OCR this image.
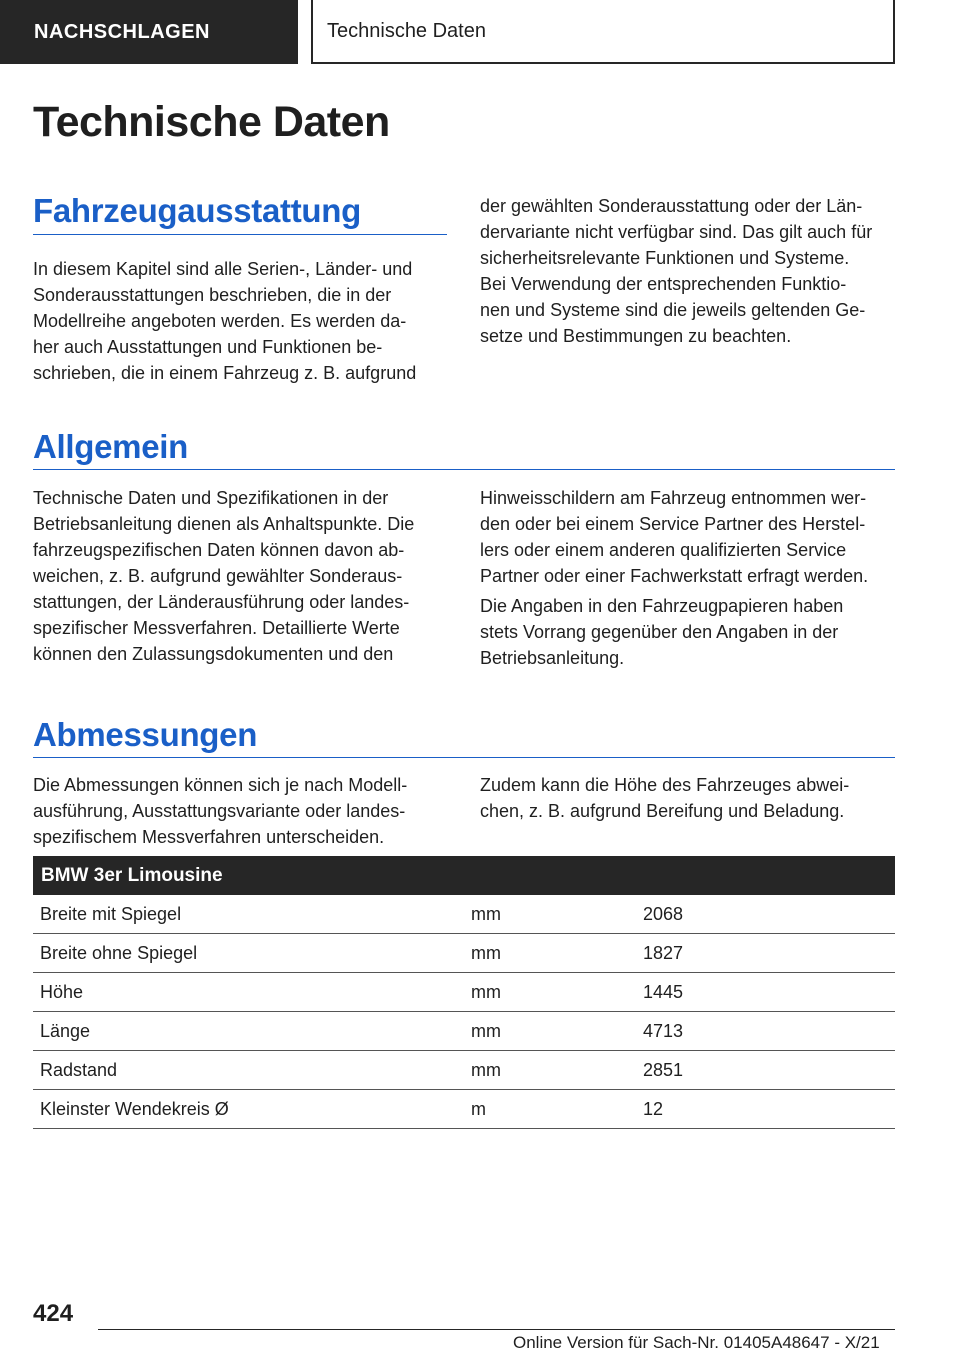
NACHSCHLAGEN	Technische Daten
Technische Daten
Fahrzeugausstattung
In diesem Kapitel sind alle Serien-, Länder- und
Sonderausstattungen beschrieben, die in der
Modellreihe angeboten werden. Es werden da-
her auch Ausstattungen und Funktionen be-
schrieben, die in einem Fahrzeug z. B. aufgrund
der gewählten Sonderausstattung oder der Län-
dervariante nicht verfügbar sind. Das gilt auch für
sicherheitsrelevante Funktionen und Systeme.
Bei Verwendung der entsprechenden Funktio-
nen und Systeme sind die jeweils geltenden Ge-
setze und Bestimmungen zu beachten.
Allgemein
Technische Daten und Spezifikationen in der
Betriebsanleitung dienen als Anhaltspunkte. Die
fahrzeugspezifischen Daten können davon ab-
weichen, z. B. aufgrund gewählter Sonderaus-
stattungen, der Länderausführung oder landes-
spezifischer Messverfahren. Detaillierte Werte
können den Zulassungsdokumenten und den
Hinweisschildern am Fahrzeug entnommen wer-
den oder bei einem Service Partner des Herstel-
lers oder einem anderen qualifizierten Service
Partner oder einer Fachwerkstatt erfragt werden.
Die Angaben in den Fahrzeugpapieren haben
stets Vorrang gegenüber den Angaben in der
Betriebsanleitung.
Abmessungen
Die Abmessungen können sich je nach Modell-
ausführung, Ausstattungsvariante oder landes-
spezifischem Messverfahren unterscheiden.
Zudem kann die Höhe des Fahrzeuges abwei-
chen, z. B. aufgrund Bereifung und Beladung.
BMW 3er Limousine		
Breite mit Spiegel	mm	2068
Breite ohne Spiegel	mm	1827
Höhe	mm	1445
Länge	mm	4713
Radstand	mm	2851
Kleinster Wendekreis Ø	m	12
424
Online Version für Sach-Nr. 01405A48647 - X/21
